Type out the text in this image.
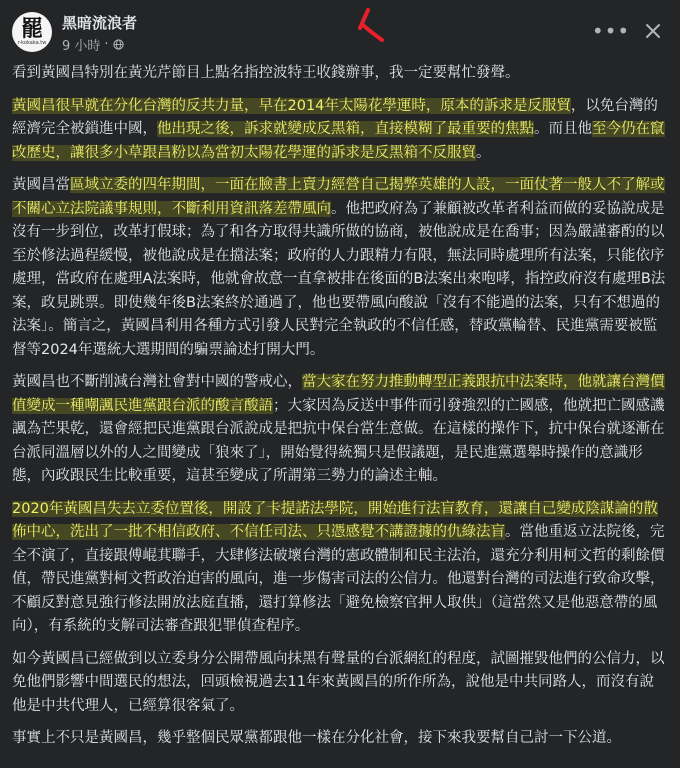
罷
r-kokaka.tw
黑暗流浪者
9 小時 ·
•••

看到黃國昌特別在黃光芹節目上點名指控波特王收錢辦事，我一定要幫忙發聲。

黃國昌很早就在分化台灣的反共力量，早在2014年太陽花學運時，原本的訴求是反服貿，以免台灣的經濟完全被鎖進中國，他出現之後，訴求就變成反黑箱，直接模糊了最重要的焦點。而且他至今仍在竄改歷史，讓很多小草跟昌粉以為當初太陽花學運的訴求是反黑箱不反服貿。

黃國昌當區域立委的四年期間，一面在臉書上賣力經營自己揭弊英雄的人設，一面仗著一般人不了解或不關心立法院議事規則，不斷利用資訊落差帶風向。他把政府為了兼顧被改革者利益而做的妥協說成是沒有一步到位，改革打假球；為了和各方取得共識所做的協商，被他說成是在喬事；因為嚴謹審酌的以至於修法過程緩慢，被他說成是在擋法案；政府的人力跟精力有限，無法同時處理所有法案，只能依序處理，當政府在處理A法案時，他就會故意一直拿被排在後面的B法案出來咆哮，指控政府沒有處理B法案，政見跳票。即使幾年後B法案終於通過了，他也要帶風向酸說「沒有不能過的法案，只有不想過的法案」。簡言之，黃國昌利用各種方式引發人民對完全執政的不信任感，替政黨輪替、民進黨需要被監督等2024年選統大選期間的騙票論述打開大門。

黃國昌也不斷削減台灣社會對中國的警戒心，當大家在努力推動轉型正義跟抗中法案時，他就讓台灣價值變成一種嘲諷民進黨跟台派的酸言酸語；大家因為反送中事件而引發強烈的亡國感，他就把亡國感譏諷為芒果乾，還會經把民進黨跟台派說成是把抗中保台當生意做。在這樣的操作下，抗中保台就逐漸在台派同溫層以外的人之間變成「狼來了」，開始覺得統獨只是假議題，是民進黨選舉時操作的意識形態，內政跟民生比較重要，這甚至變成了所謂第三勢力的論述主軸。

2020年黃國昌失去立委位置後，開設了卡提諾法學院，開始進行法盲教育，還讓自己變成陰謀論的散佈中心，洗出了一批不相信政府、不信任司法、只憑感覺不講證據的仇綠法盲。當他重返立法院後，完全不演了，直接跟傅崐萁聯手，大肆修法破壞台灣的憲政體制和民主法治，還充分利用柯文哲的剩餘價值，帶民進黨對柯文哲政治迫害的風向，進一步傷害司法的公信力。他還對台灣的司法進行致命攻擊，不顧反對意見強行修法開放法庭直播，還打算修法「避免檢察官押人取供」（這當然又是他惡意帶的風向），有系統的支解司法審查跟犯罪偵查程序。

如今黃國昌已經做到以立委身分公開帶風向抹黑有聲量的台派網紅的程度，試圖摧毀他們的公信力，以免他們影響中間選民的想法，回頭檢視過去11年來黃國昌的所作所為，說他是中共同路人，而沒有說他是中共代理人，已經算很客氣了。

事實上不只是黃國昌，幾乎整個民眾黨都跟他一樣在分化社會，接下來我要幫自己討一下公道。
